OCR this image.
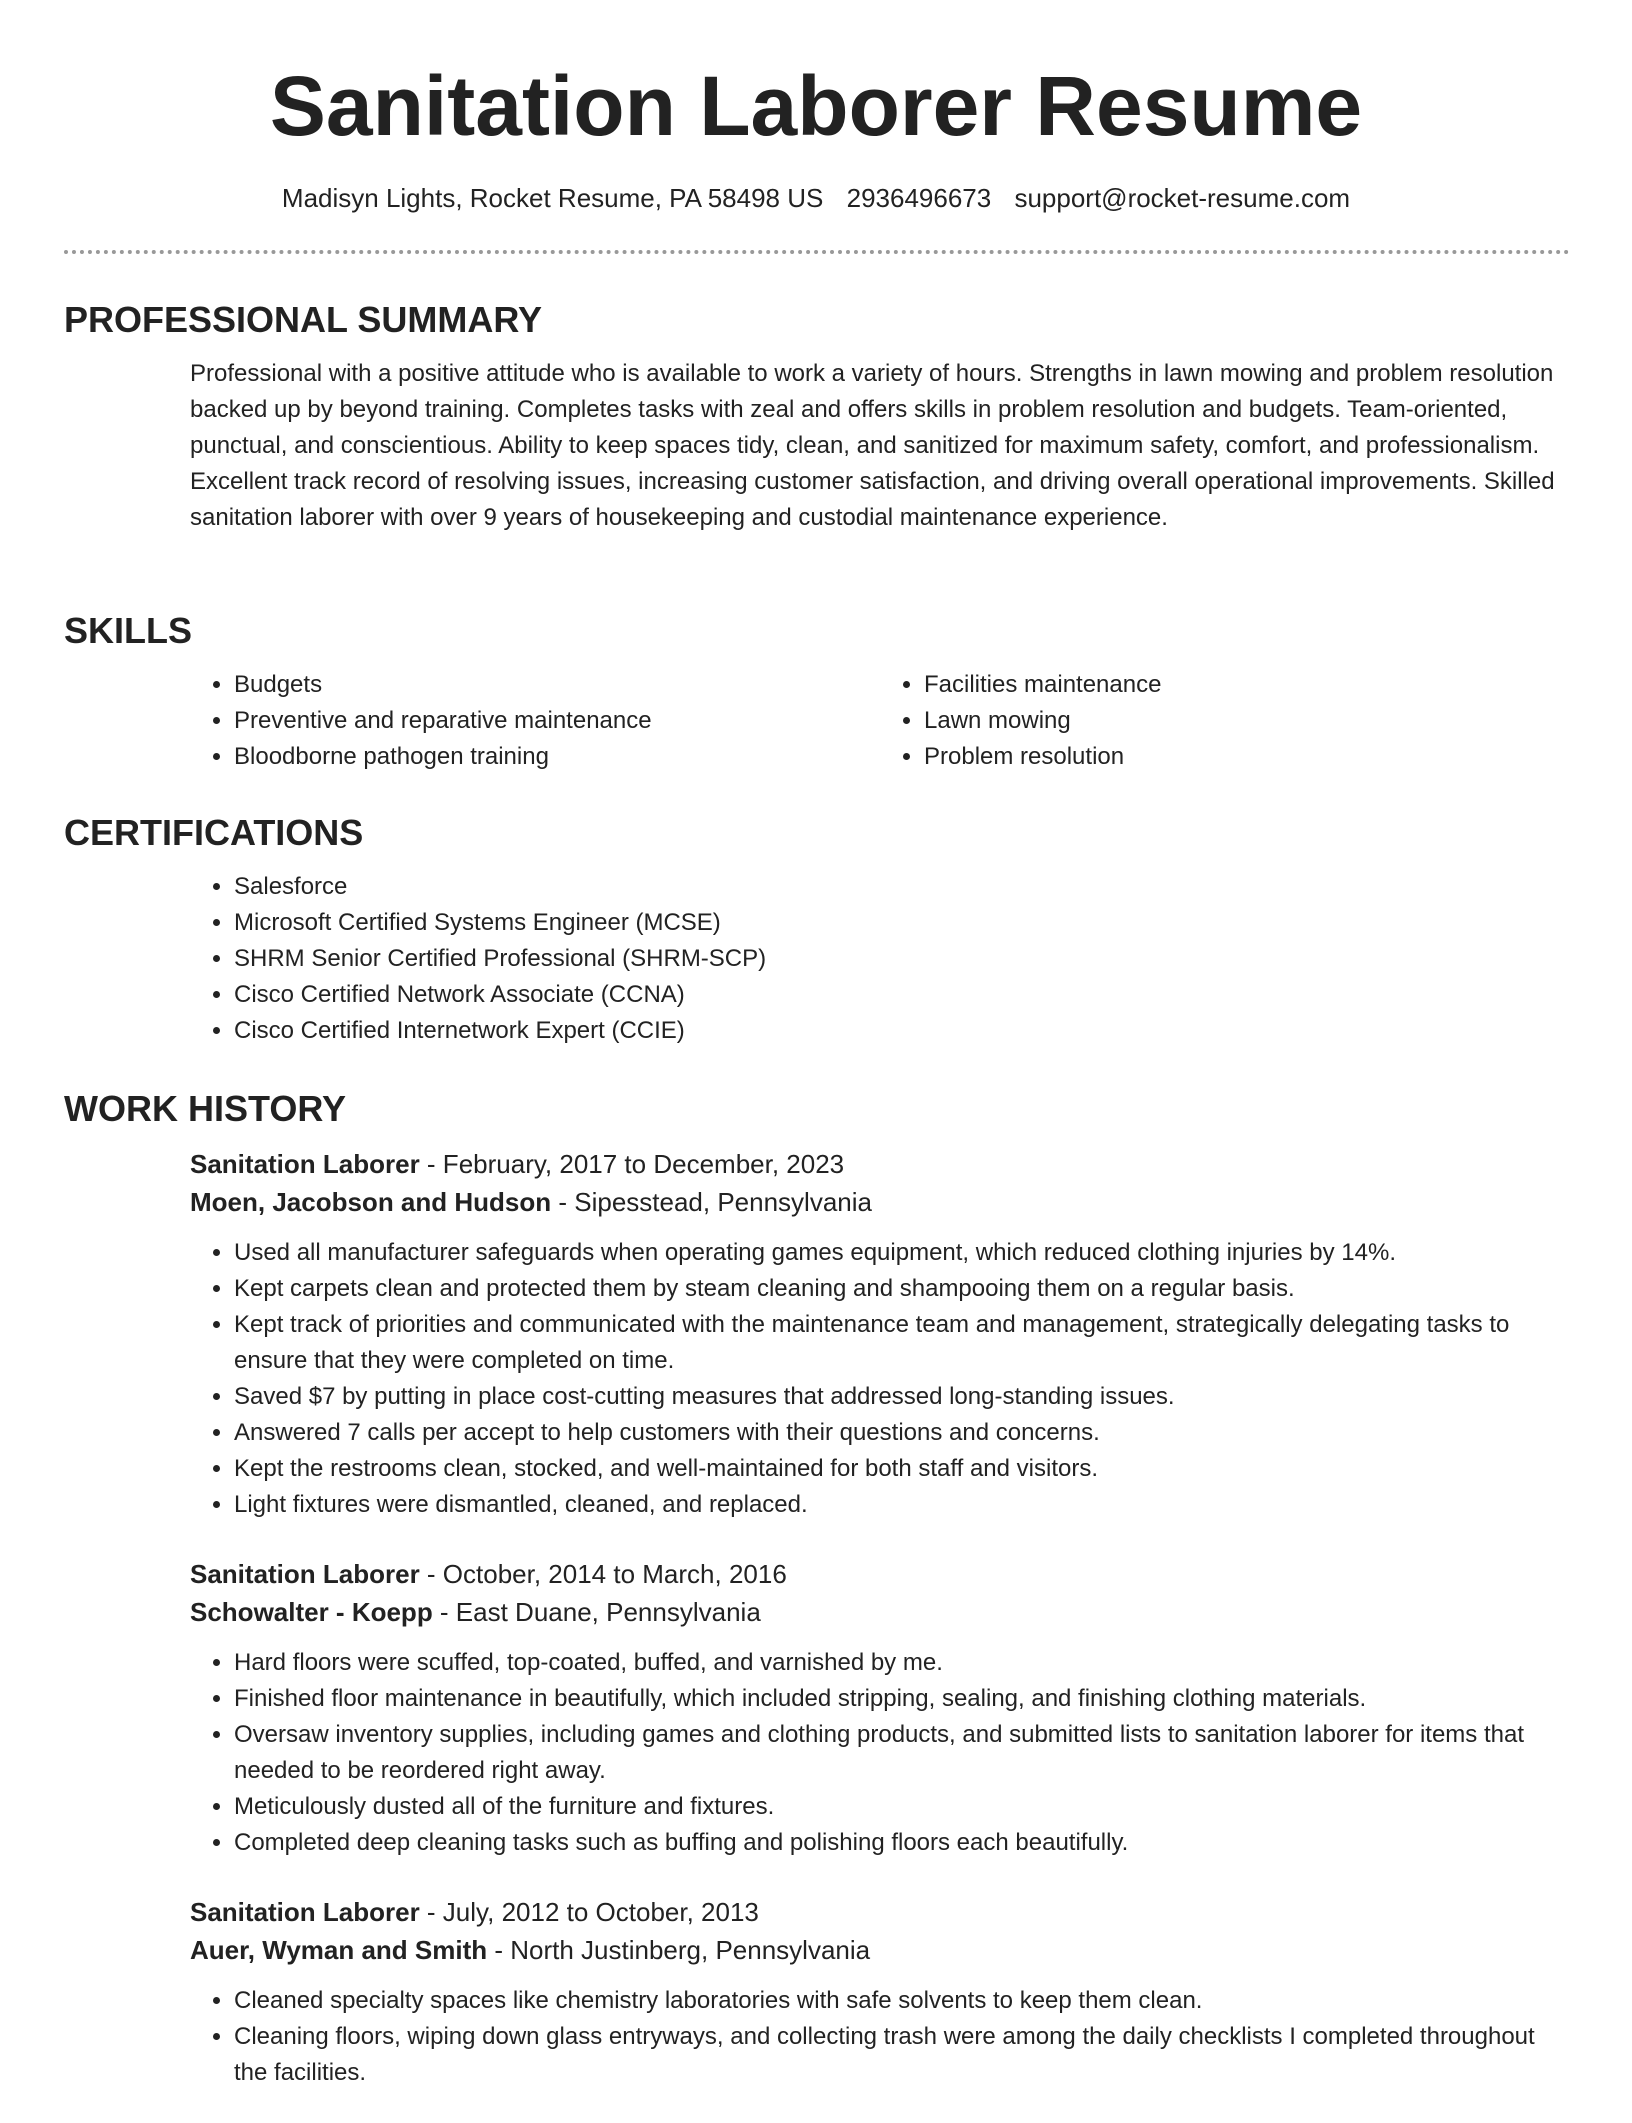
Sanitation Laborer Resume
Madisyn Lights, Rocket Resume, PA 58498 US 2936496673 support@rocket-resume.com
PROFESSIONAL SUMMARY
Professional with a positive attitude who is available to work a variety of hours. Strengths in lawn mowing and problem resolution backed up by beyond training. Completes tasks with zeal and offers skills in problem resolution and budgets. Team-oriented, punctual, and conscientious. Ability to keep spaces tidy, clean, and sanitized for maximum safety, comfort, and professionalism. Excellent track record of resolving issues, increasing customer satisfaction, and driving overall operational improvements. Skilled sanitation laborer with over 9 years of housekeeping and custodial maintenance experience.
SKILLS
• Budgets
• Preventive and reparative maintenance
• Bloodborne pathogen training
• Facilities maintenance
• Lawn mowing
• Problem resolution
CERTIFICATIONS
• Salesforce
• Microsoft Certified Systems Engineer (MCSE)
• SHRM Senior Certified Professional (SHRM-SCP)
• Cisco Certified Network Associate (CCNA)
• Cisco Certified Internetwork Expert (CCIE)
WORK HISTORY
Sanitation Laborer - February, 2017 to December, 2023
Moen, Jacobson and Hudson - Sipesstead, Pennsylvania
• Used all manufacturer safeguards when operating games equipment, which reduced clothing injuries by 14%.
• Kept carpets clean and protected them by steam cleaning and shampooing them on a regular basis.
• Kept track of priorities and communicated with the maintenance team and management, strategically delegating tasks to ensure that they were completed on time.
• Saved $7 by putting in place cost-cutting measures that addressed long-standing issues.
• Answered 7 calls per accept to help customers with their questions and concerns.
• Kept the restrooms clean, stocked, and well-maintained for both staff and visitors.
• Light fixtures were dismantled, cleaned, and replaced.
Sanitation Laborer - October, 2014 to March, 2016
Schowalter - Koepp - East Duane, Pennsylvania
• Hard floors were scuffed, top-coated, buffed, and varnished by me.
• Finished floor maintenance in beautifully, which included stripping, sealing, and finishing clothing materials.
• Oversaw inventory supplies, including games and clothing products, and submitted lists to sanitation laborer for items that needed to be reordered right away.
• Meticulously dusted all of the furniture and fixtures.
• Completed deep cleaning tasks such as buffing and polishing floors each beautifully.
Sanitation Laborer - July, 2012 to October, 2013
Auer, Wyman and Smith - North Justinberg, Pennsylvania
• Cleaned specialty spaces like chemistry laboratories with safe solvents to keep them clean.
• Cleaning floors, wiping down glass entryways, and collecting trash were among the daily checklists I completed throughout the facilities.
